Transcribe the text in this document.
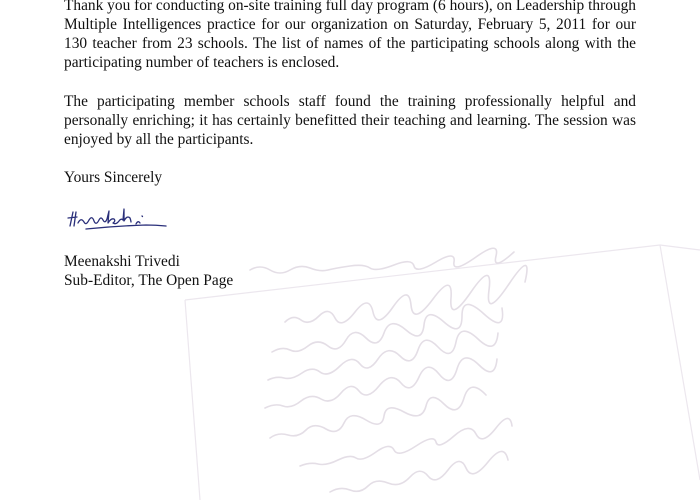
Thank you for conducting on-site training full day program (6 hours), on Leadership through Multiple Intelligences practice for our organization on Saturday, February 5, 2011 for our 130 teacher from 23 schools. The list of names of the participating schools along with the participating number of teachers is enclosed.

The participating member schools staff found the training professionally helpful and personally enriching; it has certainly benefitted their teaching and learning. The session was enjoyed by all the participants.

Yours Sincerely
Meenakshi Trivedi
Sub-Editor, The Open Page
